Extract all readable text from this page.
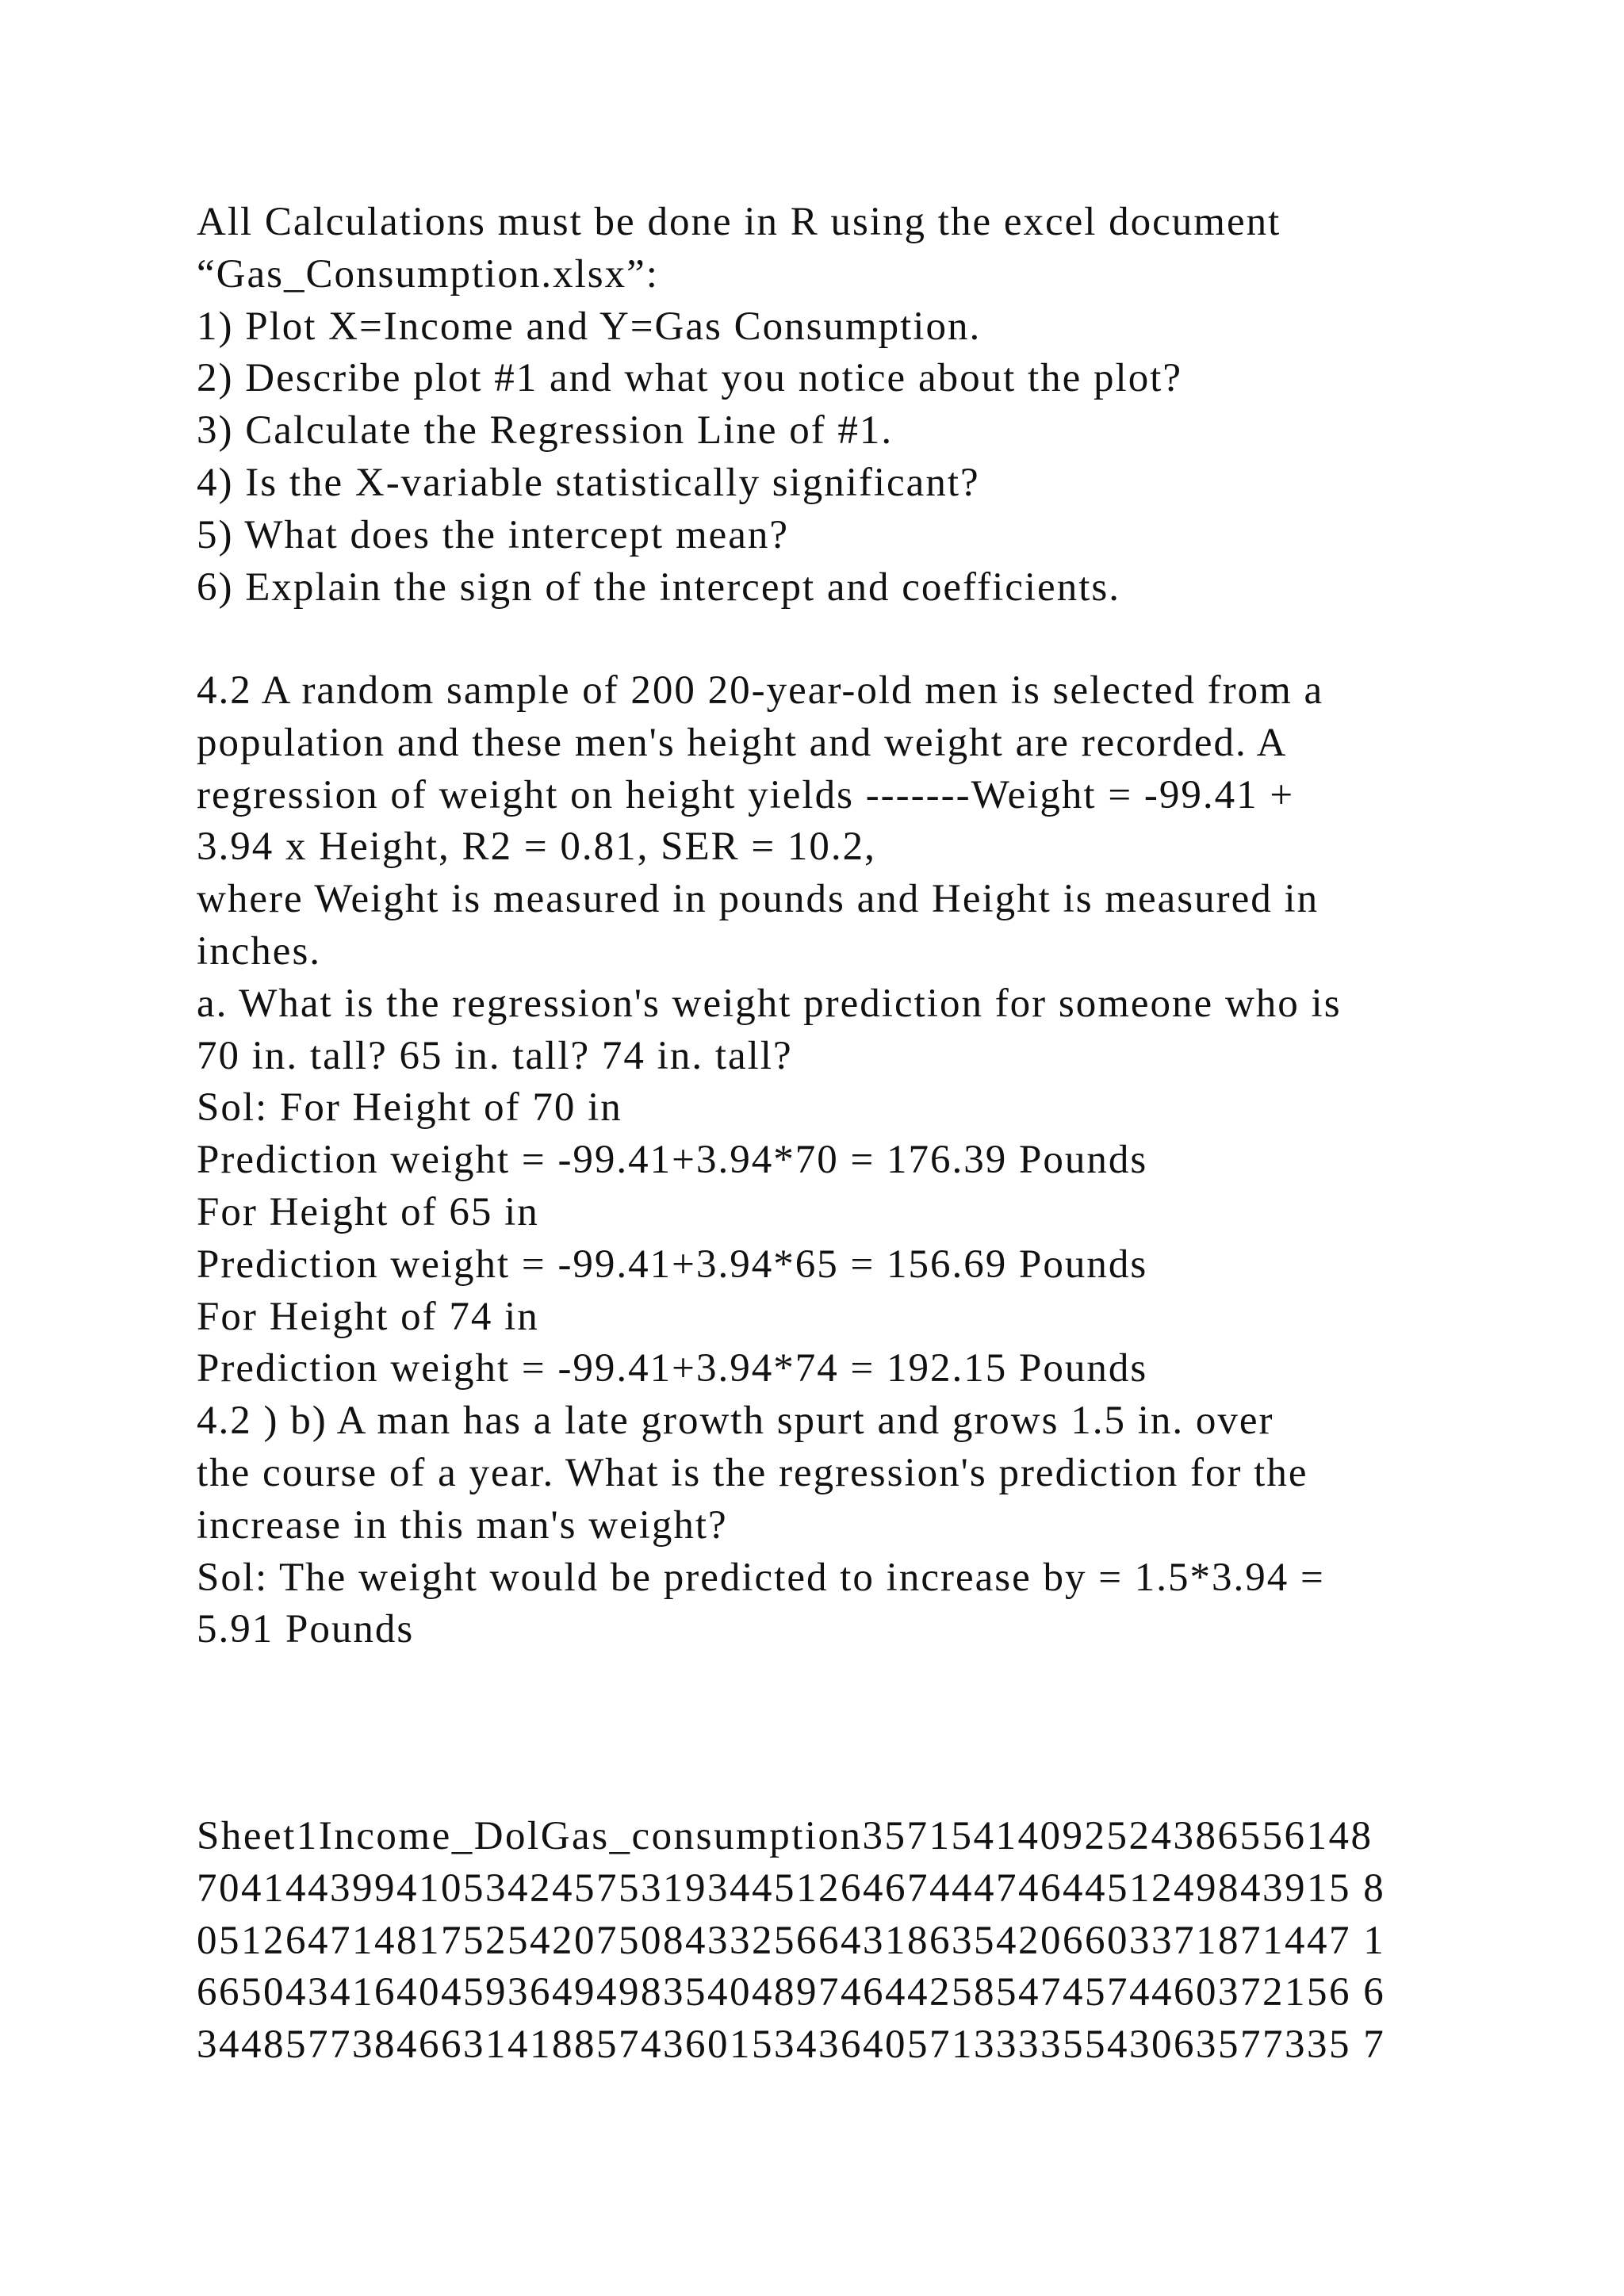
All Calculations must be done in R using the excel document

“Gas_Consumption.xlsx”:

1) Plot X=Income and Y=Gas Consumption.

2) Describe plot #1 and what you notice about the plot?

3) Calculate the Regression Line of #1.

4) Is the X-variable statistically significant?

5) What does the intercept mean?

6) Explain the sign of the intercept and coefficients.

4.2 A random sample of 200 20-year-old men is selected from a

population and these men's height and weight are recorded. A

regression of weight on height yields -------Weight = -99.41 +

3.94 x Height, R2 = 0.81, SER = 10.2,

where Weight is measured in pounds and Height is measured in

inches.

a. What is the regression's weight prediction for someone who is

70 in. tall? 65 in. tall? 74 in. tall?

Sol: For Height of 70 in

Prediction weight = -99.41+3.94*70 = 176.39 Pounds

For Height of 65 in

Prediction weight = -99.41+3.94*65 = 156.69 Pounds

For Height of 74 in

Prediction weight = -99.41+3.94*74 = 192.15 Pounds

4.2 ) b) A man has a late growth spurt and grows 1.5 in. over

the course of a year. What is the regression's prediction for the

increase in this man's weight?

Sol: The weight would be predicted to increase by = 1.5*3.94 =

5.91 Pounds

Sheet1Income_DolGas_consumption35715414092524386556148

7041443994105342457531934451264674447464451249843915 8

0512647148175254207508433256643186354206603371871447 1

6650434164045936494983540489746442585474574460372156 6

3448577384663141885743601534364057133335543063577335 7
